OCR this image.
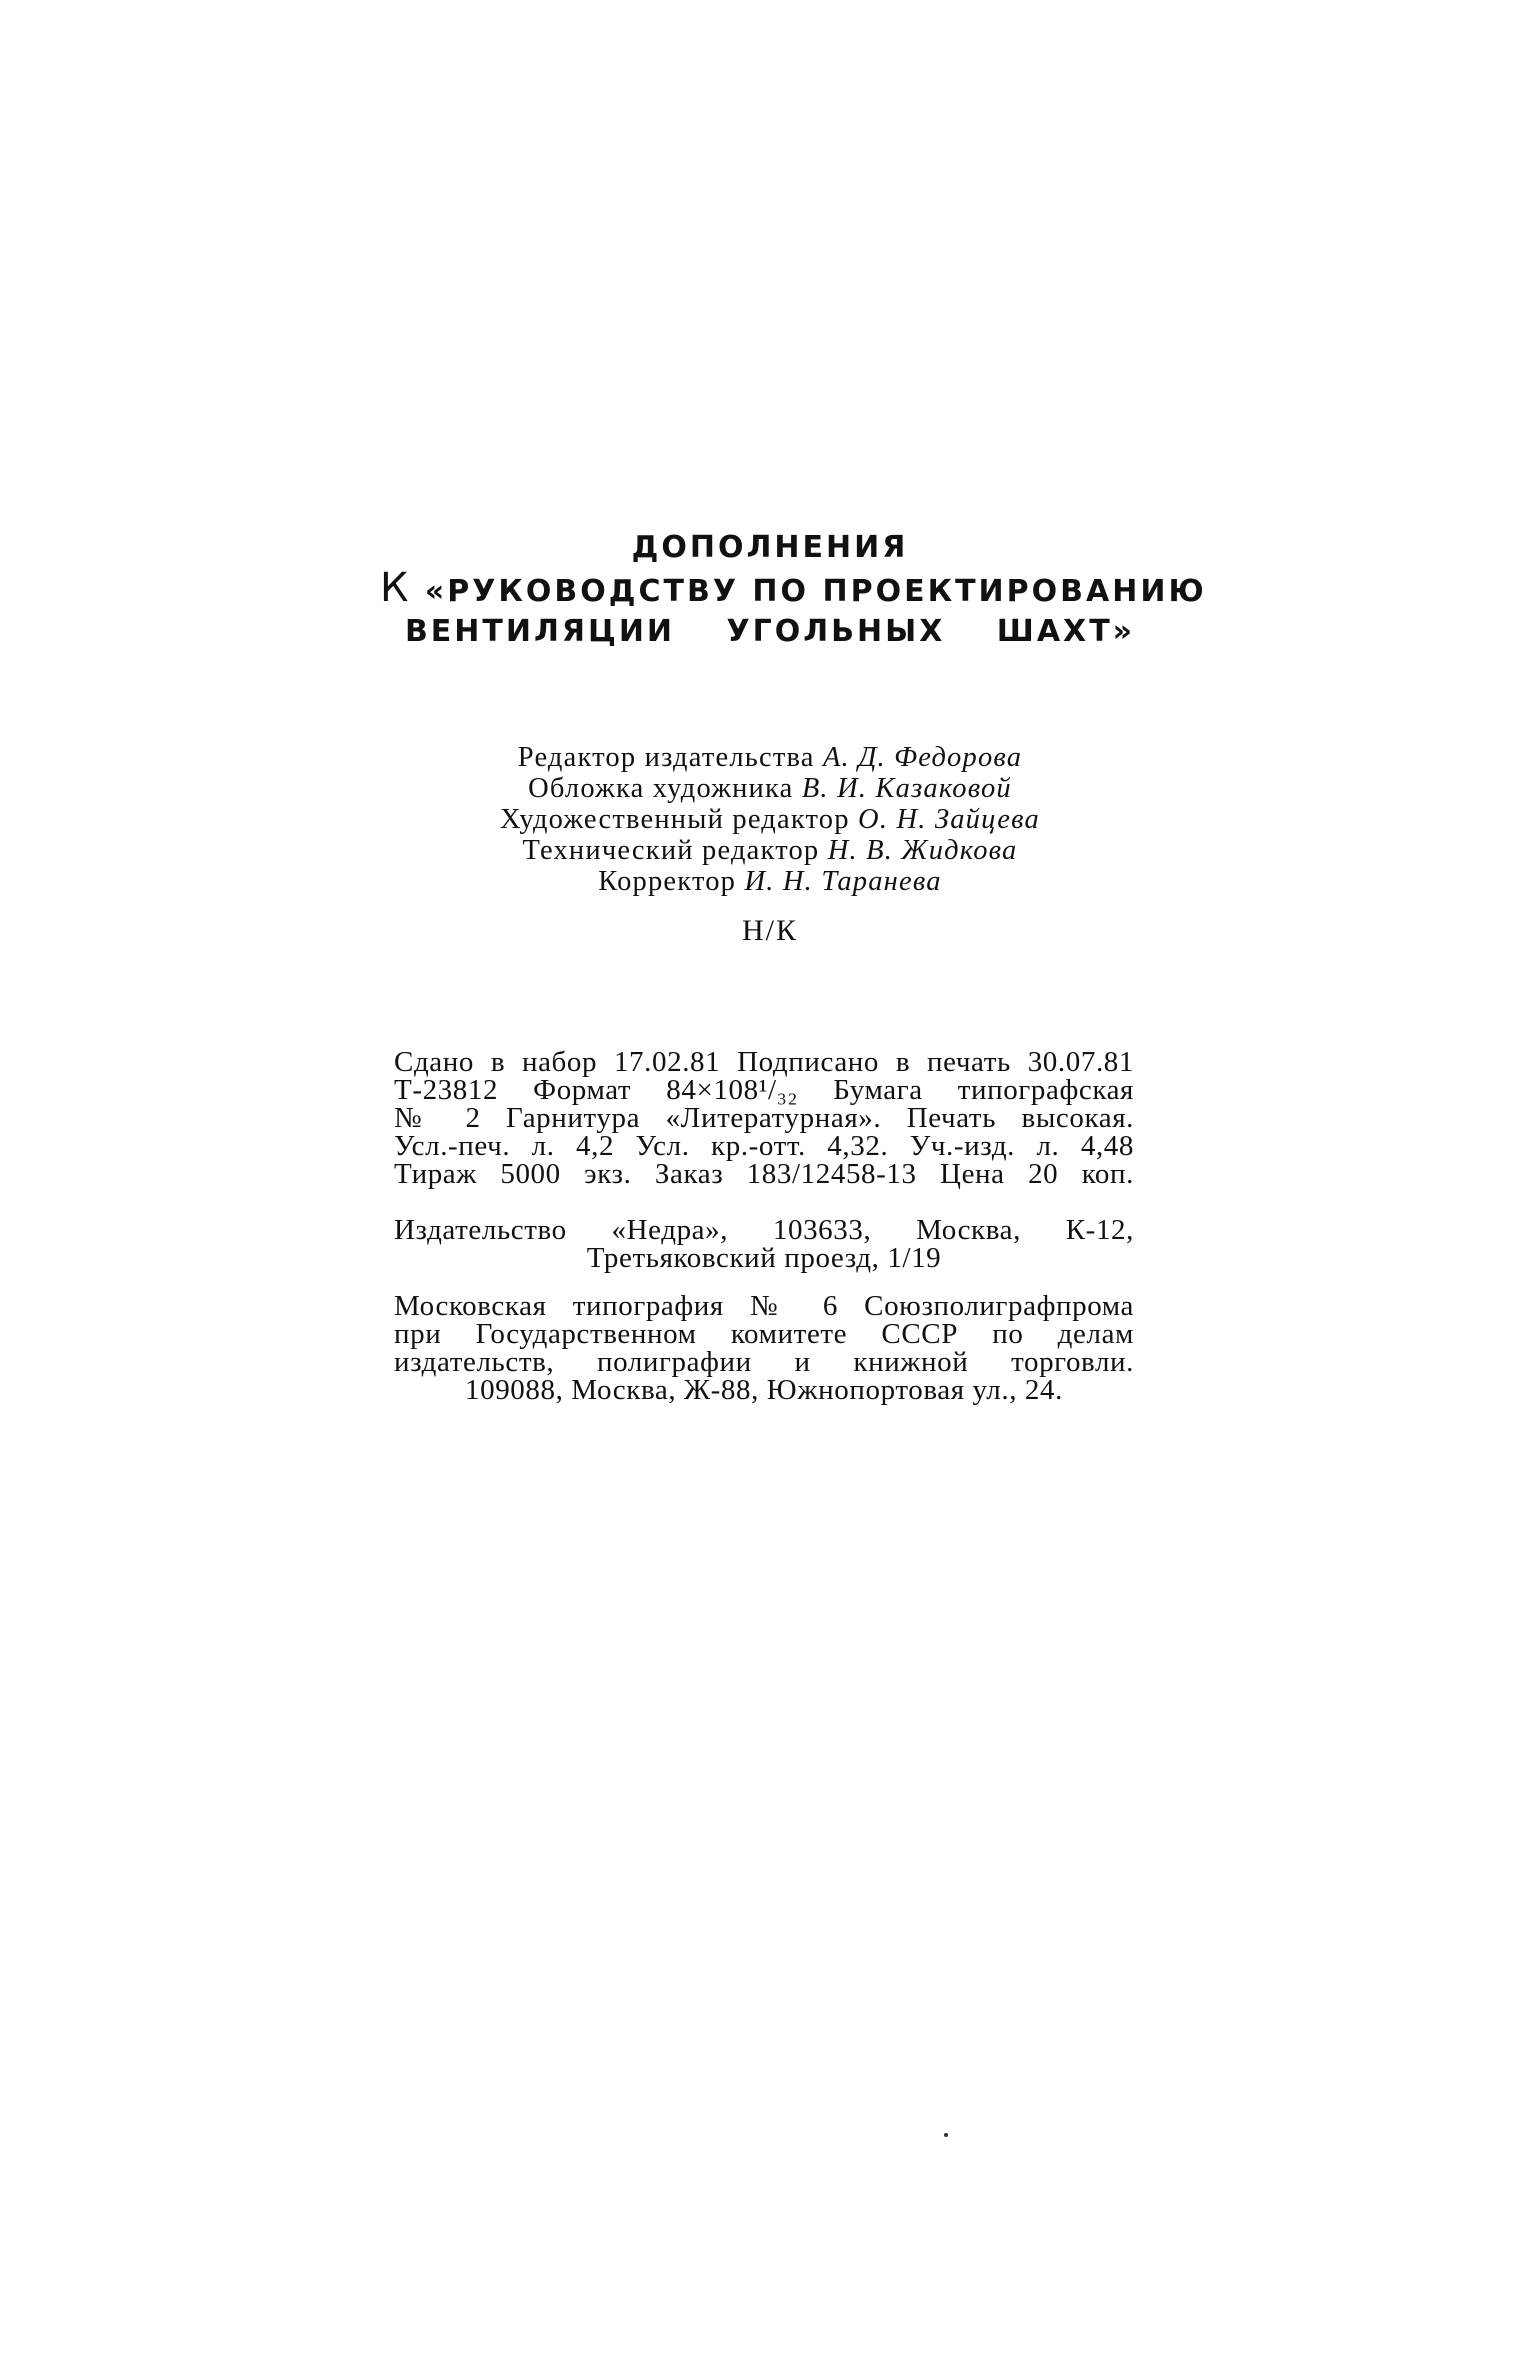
ДОПОЛНЕНИЯ
К «РУКОВОДСТВУ ПО ПРОЕКТИРОВАНИЮ
ВЕНТИЛЯЦИИ УГОЛЬНЫХ ШАХТ»
Редактор издательства А. Д. Федорова
Обложка художника В. И. Казаковой
Художественный редактор О. Н. Зайцева
Технический редактор Н. В. Жидкова
Корректор И. Н. Таранева
Н/К
Сдано в набор 17.02.81 Подписано в печать 30.07.81
Т-23812 Формат 84×108¹/₃₂ Бумага типографская
№ 2 Гарнитура «Литературная». Печать высокая.
Усл.-печ. л. 4,2 Усл. кр.-отт. 4,32. Уч.-изд. л. 4,48
Тираж 5000 экз. Заказ 183/12458-13 Цена 20 коп.
Издательство «Недра», 103633, Москва, К-12,
Третьяковский проезд, 1/19
Московская типография № 6 Союзполиграфпрома
при Государственном комитете СССР по делам
издательств, полиграфии и книжной торговли.
109088, Москва, Ж-88, Южнопортовая ул., 24.
